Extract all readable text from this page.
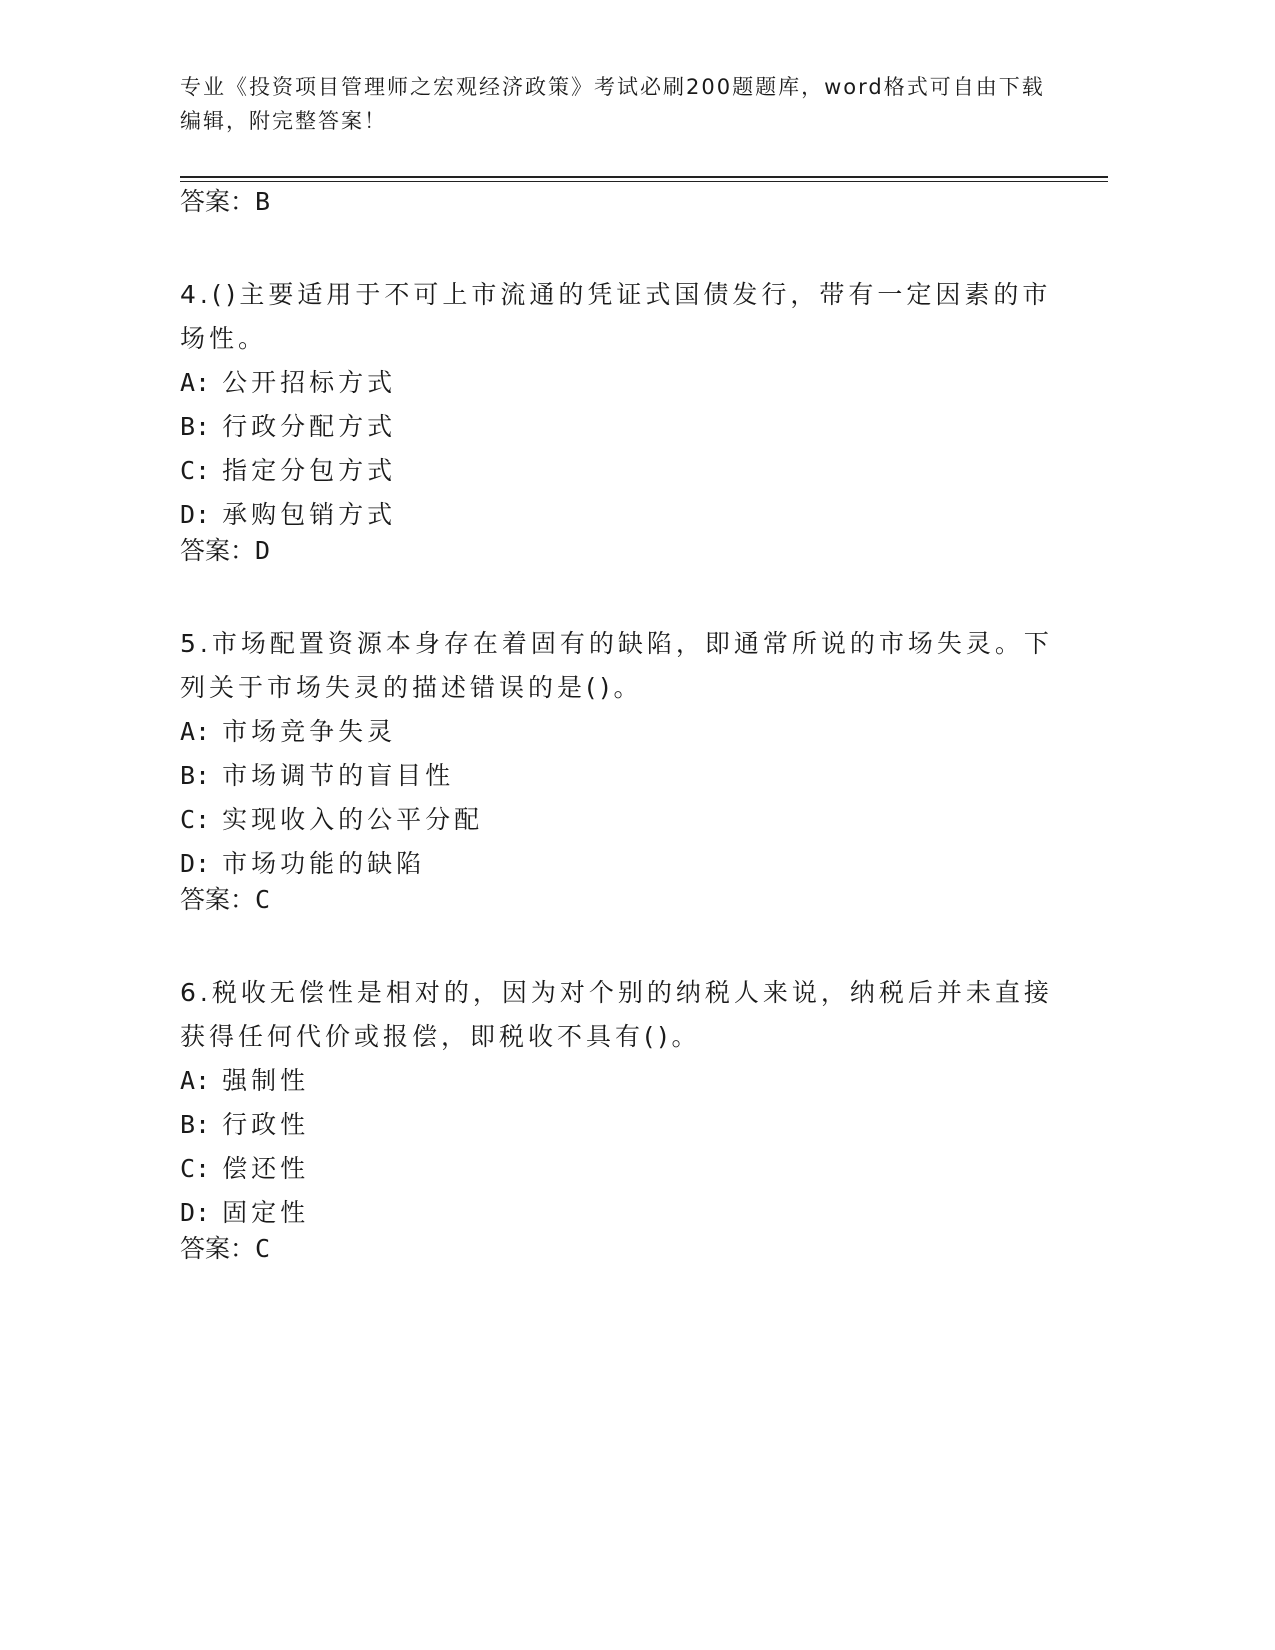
专业《投资项目管理师之宏观经济政策》考试必刷200题题库，word格式可自由下载编辑，附完整答案！

答案：B

4.()主要适用于不可上市流通的凭证式国债发行，带有一定因素的市场性。

A: 公开招标方式

B: 行政分配方式

C: 指定分包方式

D: 承购包销方式

答案：D

5.市场配置资源本身存在着固有的缺陷，即通常所说的市场失灵。下列关于市场失灵的描述错误的是()。

A: 市场竞争失灵

B: 市场调节的盲目性

C: 实现收入的公平分配

D: 市场功能的缺陷

答案：C

6.税收无偿性是相对的，因为对个别的纳税人来说，纳税后并未直接获得任何代价或报偿，即税收不具有()。

A: 强制性

B: 行政性

C: 偿还性

D: 固定性

答案：C
